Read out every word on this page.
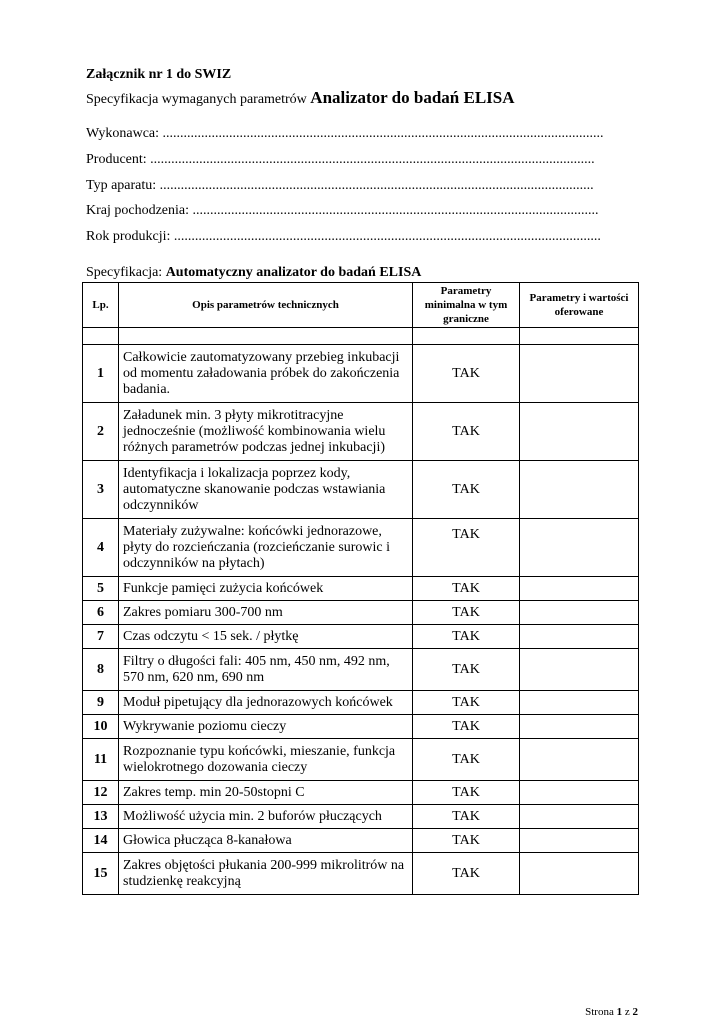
Załącznik nr 1 do SWIZ
Specyfikacja wymaganych parametrów Analizator do badań ELISA
Wykonawca: ..............................................................................................................................
Producent: ...............................................................................................................................
Typ aparatu: ............................................................................................................................
Kraj pochodzenia: ....................................................................................................................
Rok produkcji: ..........................................................................................................................
Specyfikacja: Automatyczny analizator do badań ELISA
Lp.	Opis parametrów technicznych	Parametry minimalna w tym graniczne	Parametry i wartości oferowane

1	Całkowicie zautomatyzowany przebieg inkubacji od momentu załadowania próbek do zakończenia badania.	TAK	
2	Załadunek min. 3 płyty mikrotitracyjne jednocześnie (możliwość kombinowania wielu różnych parametrów podczas jednej inkubacji)	TAK	
3	Identyfikacja i lokalizacja poprzez kody, automatyczne skanowanie podczas wstawiania odczynników	TAK	
4	Materiały zużywalne: końcówki jednorazowe, płyty do rozcieńczania (rozcieńczanie surowic i odczynników na płytach)	TAK	
5	Funkcje pamięci zużycia końcówek	TAK	
6	Zakres pomiaru 300-700 nm	TAK	
7	Czas odczytu < 15 sek. / płytkę	TAK	
8	Filtry o długości fali: 405 nm, 450 nm, 492 nm, 570 nm, 620 nm, 690 nm	TAK	
9	Moduł pipetujący dla jednorazowych końcówek	TAK	
10	Wykrywanie poziomu cieczy	TAK	
11	Rozpoznanie typu końcówki, mieszanie, funkcja wielokrotnego dozowania cieczy	TAK	
12	Zakres temp. min 20-50stopni C	TAK	
13	Możliwość użycia min. 2 buforów płuczących	TAK	
14	Głowica płucząca 8-kanałowa	TAK	
15	Zakres objętości płukania 200-999 mikrolitrów na studzienkę reakcyjną	TAK	
Strona 1 z 2
